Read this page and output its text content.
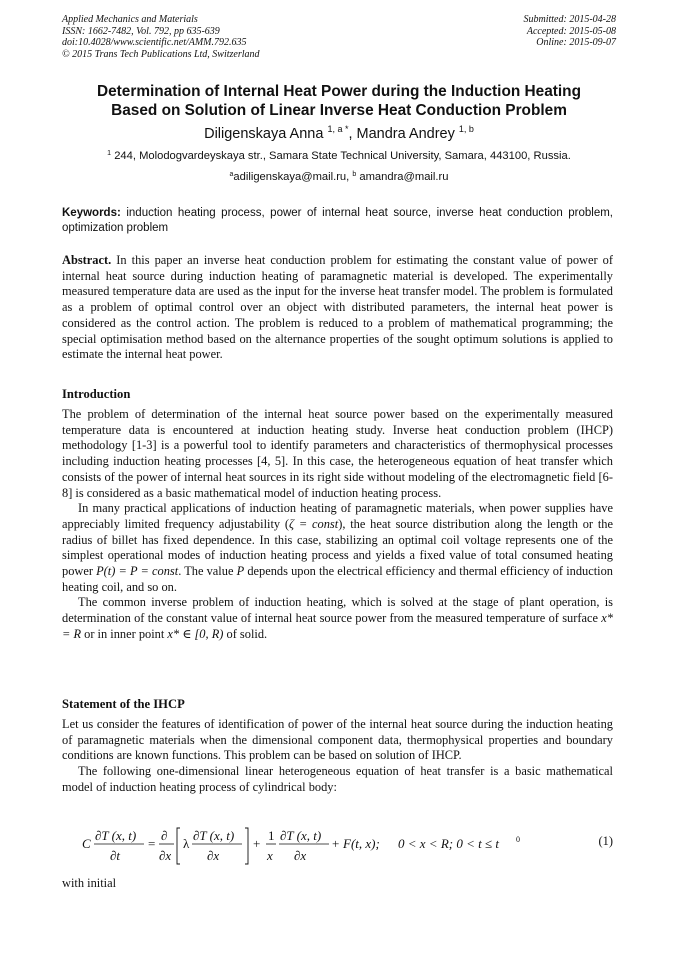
Applied Mechanics and Materials
ISSN: 1662-7482, Vol. 792, pp 635-639
doi:10.4028/www.scientific.net/AMM.792.635
© 2015 Trans Tech Publications Ltd, Switzerland
Submitted: 2015-04-28
Accepted: 2015-05-08
Online: 2015-09-07
Determination of Internal Heat Power during the Induction Heating
Based on Solution of Linear Inverse Heat Conduction Problem
Diligenskaya Anna $^{1, a *}$, Mandra Andrey $^{1, b}$
$^1$ 244, Molodogvardeyskaya str., Samara State Technical University, Samara, 443100, Russia.
$^a$adiligenskaya@mail.ru, $^b$ amandra@mail.ru
Keywords: induction heating process, power of internal heat source, inverse heat conduction problem, optimization problem

Abstract. In this paper an inverse heat conduction problem for estimating the constant value of power of internal heat source during induction heating of paramagnetic material is developed. The experimentally measured temperature data are used as the input for the inverse heat transfer model. The problem is formulated as a problem of optimal control over an object with distributed parameters, the internal heat power is considered as the control action. The problem is reduced to a problem of mathematical programming; the special optimisation method based on the alternance properties of the sought optimum solutions is applied to estimate the internal heat power.

Introduction

The problem of determination of the internal heat source power based on the experimentally measured temperature data is encountered at induction heating study. Inverse heat conduction problem (IHCP) methodology [1-3] is a powerful tool to identify parameters and characteristics of thermophysical processes including induction heating processes [4, 5]. In this case, the heterogeneous equation of heat transfer which consists of the power of internal heat sources in its right side without modeling of the electromagnetic field [6-8] is considered as a basic mathematical model of induction heating process.

In many practical applications of induction heating of paramagnetic materials, when power supplies have appreciably limited frequency adjustability (ζ = const), the heat source distribution along the length or the radius of billet has fixed dependence. In this case, stabilizing an optimal coil voltage represents one of the simplest operational modes of induction heating process and yields a fixed value of total consumed heating power P(t) = P = const. The value P depends upon the electrical efficiency and thermal efficiency of induction heating coil, and so on.

The common inverse problem of induction heating, which is solved at the stage of plant operation, is determination of the constant value of internal heat source power from the measured temperature of surface x* = R or in inner point x* ∈ [0, R) of solid.

Statement of the IHCP

Let us consider the features of identification of power of the internal heat source during the induction heating of paramagnetic materials when the dimensional component data, thermophysical properties and boundary conditions are known functions. This problem can be based on solution of IHCP.

The following one-dimensional linear heterogeneous equation of heat transfer is a basic mathematical model of induction heating process of cylindrical body:

C
∂T (x, t)
∂t
=
∂
∂x
λ
∂T (x, t)
∂x
+
1
x
∂T (x, t)
∂x
+ F(t, x); 0 < x < R; 0 < t ≤ t 0	(1)

with initial
